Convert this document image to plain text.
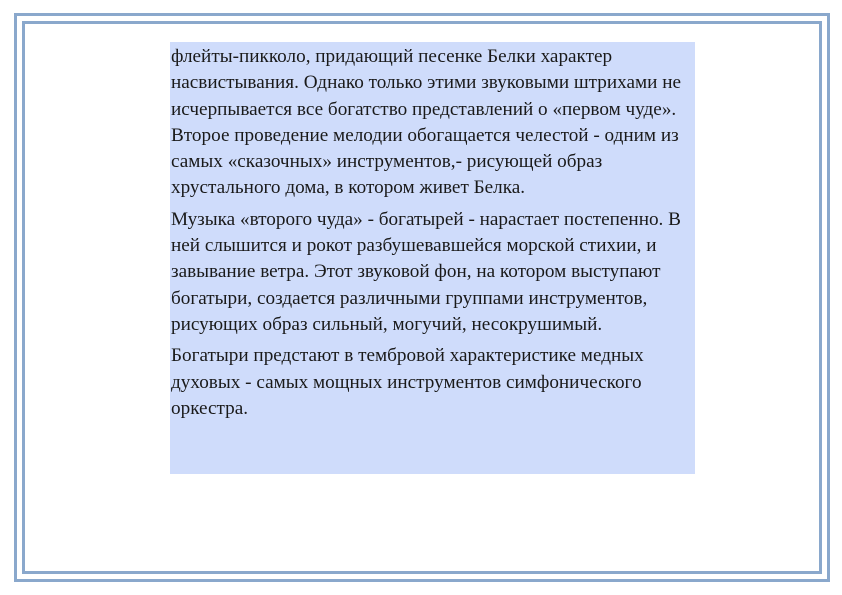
флейты-пикколо, придающий песенке Белки характер насвистывания. Однако только этими звуковыми штрихами не исчерпывается все богатство представлений о «первом чуде». Второе проведение мелодии обогащается челестой - одним из самых «сказочных» инструментов,- рисующей образ хрустального дома, в котором живет Белка.

Музыка «второго чуда» - богатырей - нарастает постепенно. В ней слышится и рокот разбушевавшейся морской стихии, и завывание ветра. Этот звуковой фон, на котором выступают богатыри, создается различными группами инструментов, рисующих образ сильный, могучий, несокрушимый.

Богатыри предстают в тембровой характеристике медных духовых - самых мощных инструментов симфонического оркестра.
